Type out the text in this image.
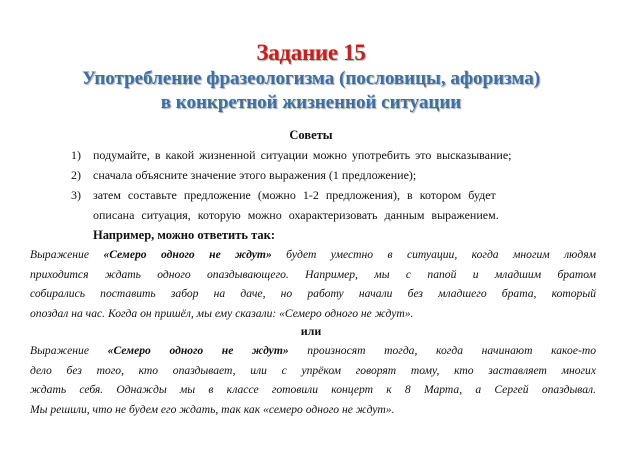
Задание 15
Употребление фразеологизма (пословицы, афоризма)
в конкретной жизненной ситуации
Советы
1) подумайте, в какой жизненной ситуации можно употребить это высказывание;
2) сначала объясните значение этого выражения (1 предложение);
3) затем составьте предложение (можно 1-2 предложения), в котором будет
описана ситуация, которую можно охарактеризовать данным выражением.
Например, можно ответить так:
Выражение «Семеро одного не ждут» будет уместно в ситуации, когда многим людям
приходится ждать одного опаздывающего. Например, мы с папой и младшим братом
собирались поставить забор на даче, но работу начали без младшего брата, который
опоздал на час. Когда он пришёл, мы ему сказали: «Семеро одного не ждут».
или
Выражение «Семеро одного не ждут» произносят тогда, когда начинают какое-то
дело без того, кто опаздывает, или с упрёком говорят тому, кто заставляет многих
ждать себя. Однажды мы в классе готовили концерт к 8 Марта, а Сергей опаздывал.
Мы решили, что не будем его ждать, так как «семеро одного не ждут».
